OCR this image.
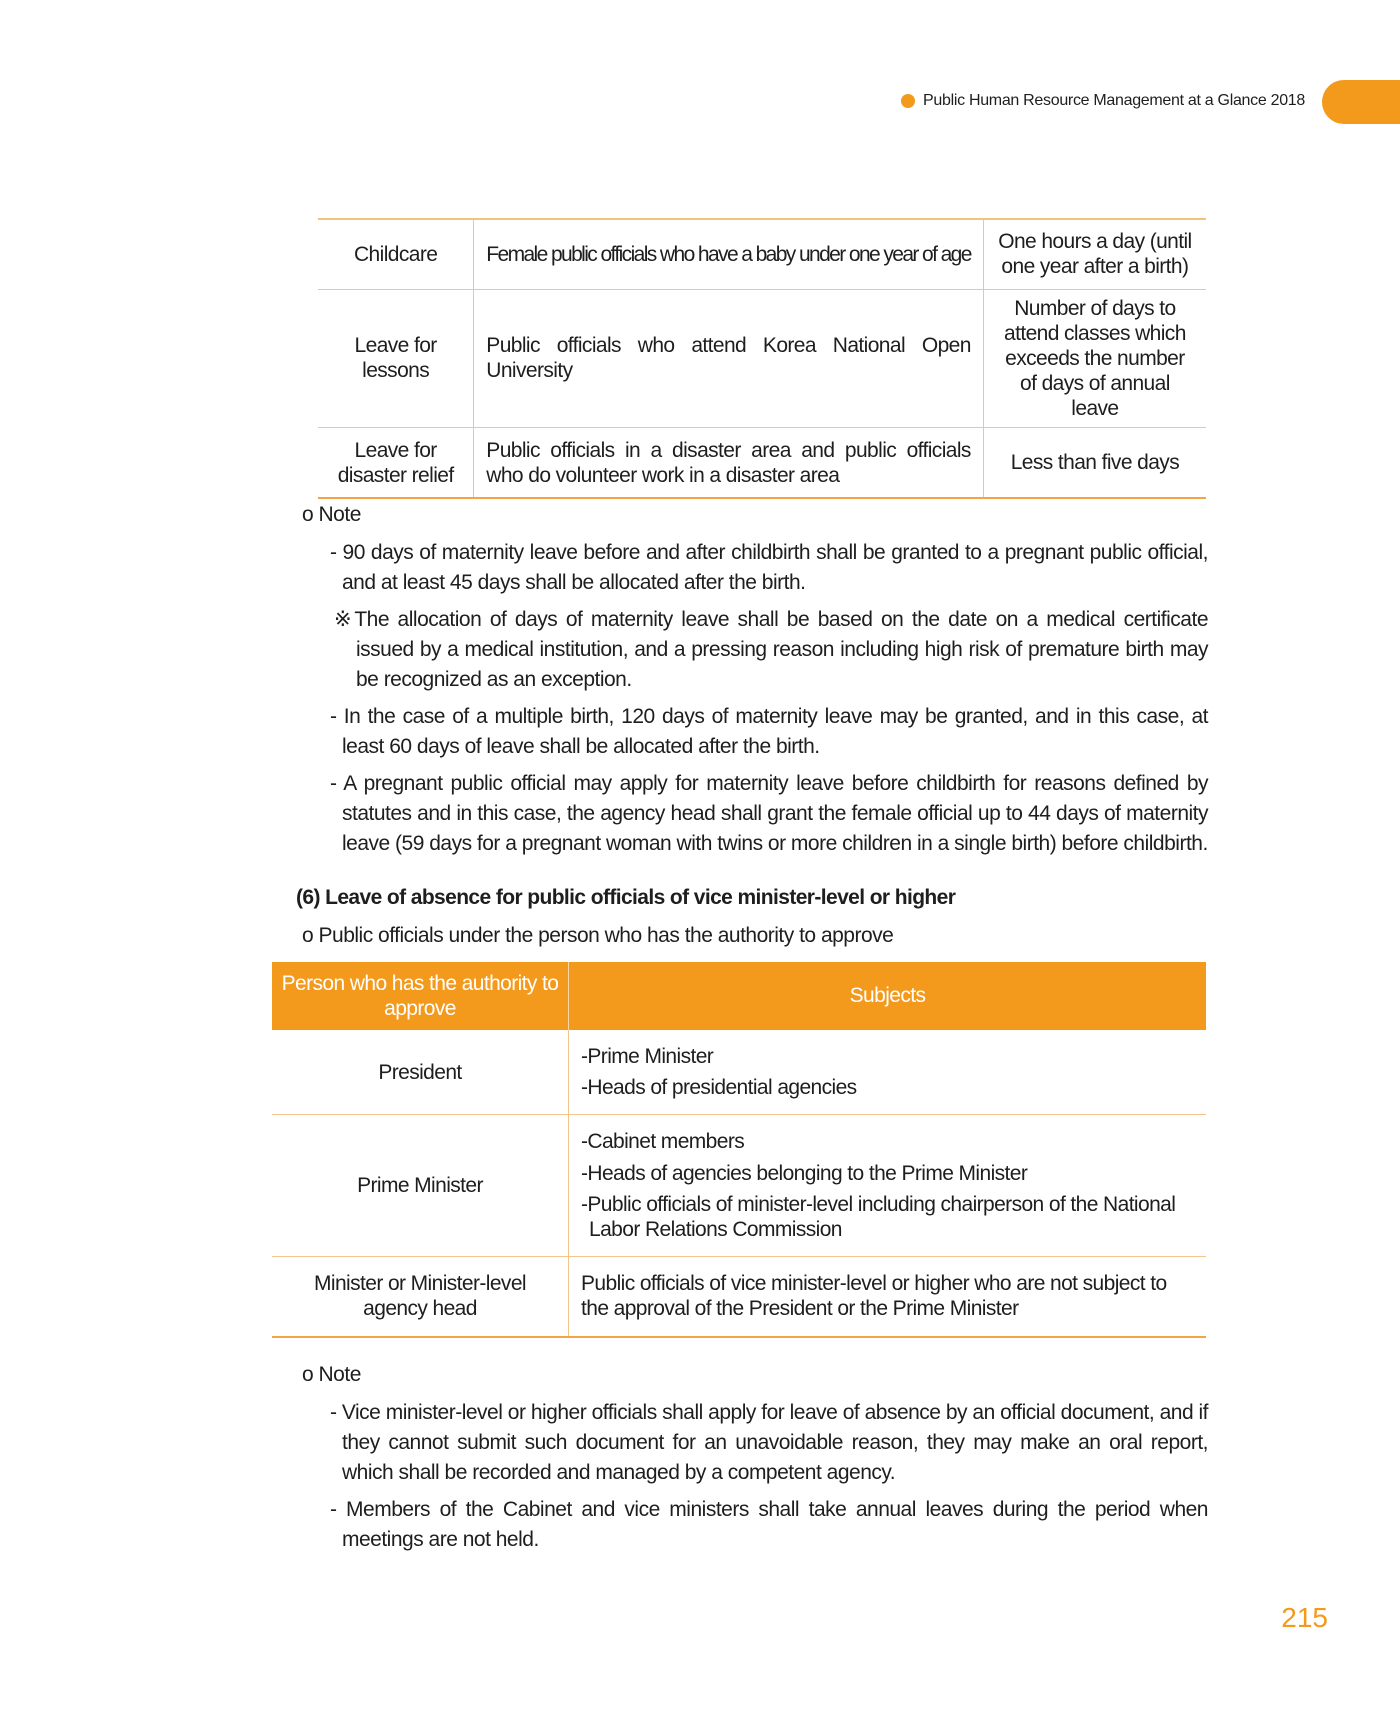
Public Human Resource Management at a Glance 2018
Childcare	Female public officials who have a baby under one year of age	One hours a day (until one year after a birth)
Leave for lessons	Public officials who attend Korea National Open University	Number of days to attend classes which exceeds the number of days of annual leave
Leave for disaster relief	Public officials in a disaster area and public officials who do volunteer work in a disaster area	Less than five days
o Note
- 90 days of maternity leave before and after childbirth shall be granted to a pregnant public official, and at least 45 days shall be allocated after the birth.
※The allocation of days of maternity leave shall be based on the date on a medical certificate issued by a medical institution, and a pressing reason including high risk of premature birth may be recognized as an exception.
- In the case of a multiple birth, 120 days of maternity leave may be granted, and in this case, at least 60 days of leave shall be allocated after the birth.
- A pregnant public official may apply for maternity leave before childbirth for reasons defined by statutes and in this case, the agency head shall grant the female official up to 44 days of maternity leave (59 days for a pregnant woman with twins or more children in a single birth) before childbirth.
(6) Leave of absence for public officials of vice minister-level or higher
o Public officials under the person who has the authority to approve
Person who has the authority to approve	Subjects
President	-Prime Minister
-Heads of presidential agencies

Prime Minister	-Cabinet members
-Heads of agencies belonging to the Prime Minister
-Public officials of minister-level including chairperson of the National Labor Relations Commission

Minister or Minister-level agency head	Public officials of vice minister-level or higher who are not subject to the approval of the President or the Prime Minister
o Note
- Vice minister-level or higher officials shall apply for leave of absence by an official document, and if they cannot submit such document for an unavoidable reason, they may make an oral report, which shall be recorded and managed by a competent agency.
- Members of the Cabinet and vice ministers shall take annual leaves during the period when meetings are not held.
215
